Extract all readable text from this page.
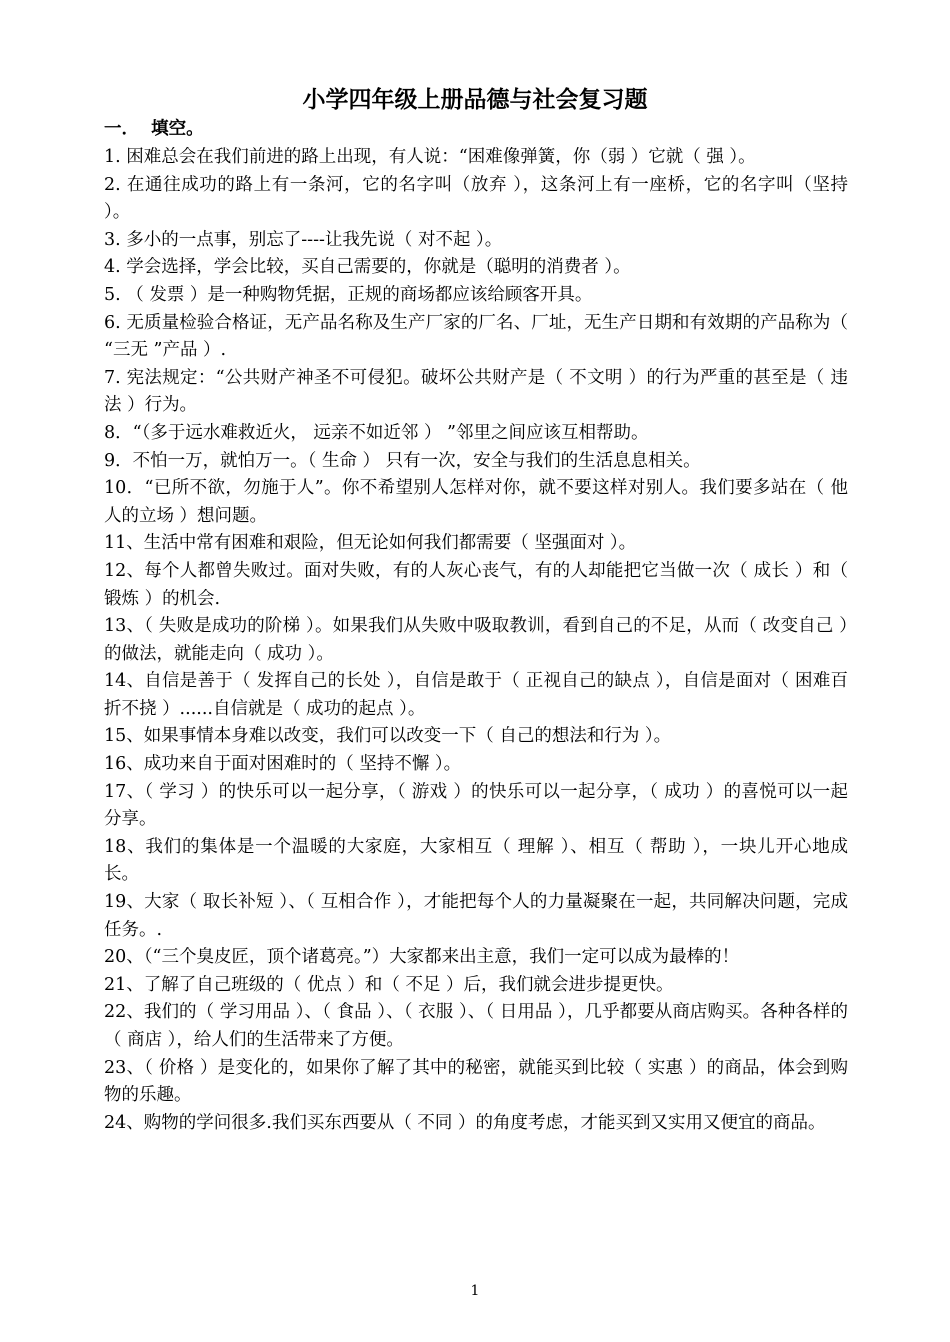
小学四年级上册品德与社会复习题
一．  填空。

1. 困难总会在我们前进的路上出现，有人说：“困难像弹簧，你（弱 ）它就（ 强 ）。

2. 在通往成功的路上有一条河，它的名字叫（放弃 ），这条河上有一座桥，它的名字叫（坚持 ）。

3. 多小的一点事，别忘了----让我先说（ 对不起 ）。

4. 学会选择，学会比较，买自己需要的，你就是（聪明的消费者 ）。

5. （ 发票 ）是一种购物凭据，正规的商场都应该给顾客开具。

6. 无质量检验合格证，无产品名称及生产厂家的厂名、厂址，无生产日期和有效期的产品称为（ “三无 ”产品 ）.

7. 宪法规定：“公共财产神圣不可侵犯。破坏公共财产是（ 不文明 ）的行为严重的甚至是（ 违法 ）行为。

8．“（多于远水难救近火， 远亲不如近邻 ） ”邻里之间应该互相帮助。

9．不怕一万，就怕万一。（ 生命 ） 只有一次，安全与我们的生活息息相关。

10．“已所不欲，勿施于人”。你不希望别人怎样对你，就不要这样对别人。我们要多站在（ 他人的立场 ）想问题。

11、生活中常有困难和艰险，但无论如何我们都需要（ 坚强面对 ）。

12、每个人都曾失败过。面对失败，有的人灰心丧气，有的人却能把它当做一次（ 成长 ）和（ 锻炼 ）的机会.

13、（ 失败是成功的阶梯 ）。如果我们从失败中吸取教训，看到自己的不足，从而（ 改变自己 ）的做法，就能走向（ 成功 ）。

14、自信是善于（ 发挥自己的长处 ），自信是敢于（ 正视自己的缺点 ），自信是面对（ 困难百折不挠 ）......自信就是（ 成功的起点 ）。

15、如果事情本身难以改变，我们可以改变一下（ 自己的想法和行为 ）。

16、成功来自于面对困难时的（ 坚持不懈 ）。

17、（ 学习 ）的快乐可以一起分享，（ 游戏 ）的快乐可以一起分享，（ 成功 ）的喜悦可以一起分享。

18、我们的集体是一个温暖的大家庭，大家相互（ 理解 ）、相互（ 帮助 ），一块儿开心地成长。

19、大家（ 取长补短 ）、（ 互相合作 ），才能把每个人的力量凝聚在一起，共同解决问题，完成任务。.

20、（“三个臭皮匠，顶个诸葛亮。”）大家都来出主意，我们一定可以成为最棒的！

21、了解了自己班级的（ 优点 ）和（ 不足 ）后，我们就会进步提更快。

22、我们的（ 学习用品 ）、（ 食品 ）、（ 衣服 ）、（ 日用品 ），几乎都要从商店购买。各种各样的（ 商店 ），给人们的生活带来了方便。

23、（ 价格 ）是变化的，如果你了解了其中的秘密，就能买到比较（ 实惠 ）的商品，体会到购物的乐趣。

24、购物的学问很多.我们买东西要从（ 不同 ）的角度考虑，才能买到又实用又便宜的商品。

1
